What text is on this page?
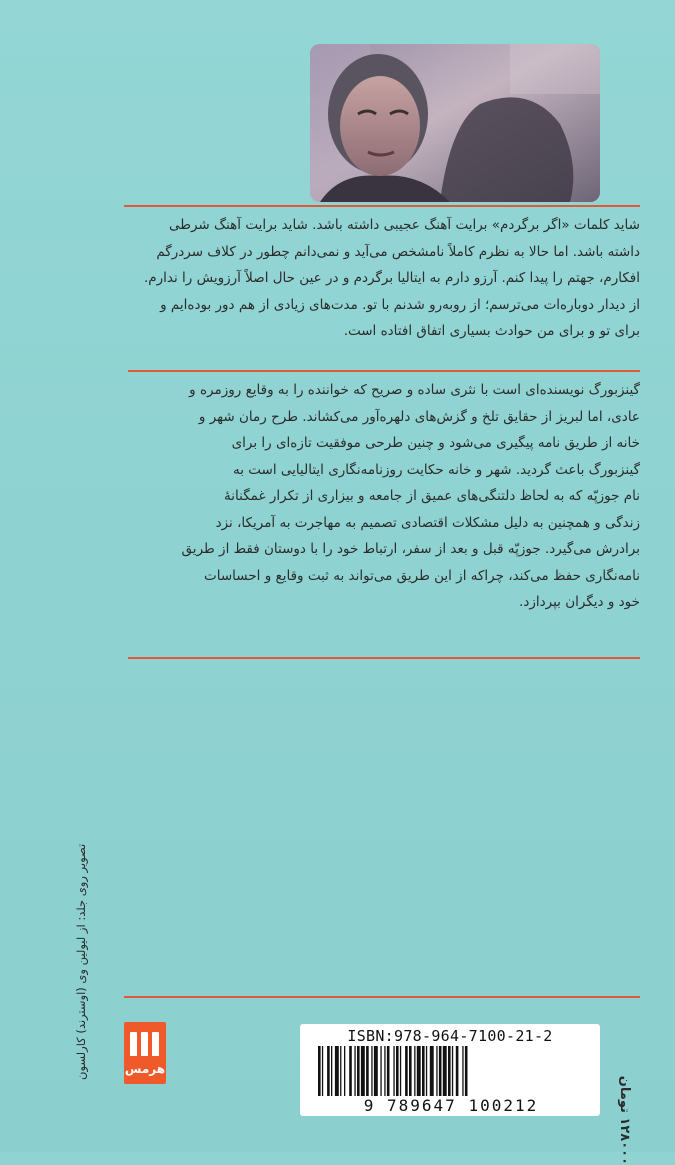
شاید کلمات «اگر برگردم» برایت آهنگ عجیبی داشته باشد. شاید برایت آهنگ شرطی
داشته باشد. اما حالا به نظرم کاملاً نامشخص می‌آید و نمی‌دانم چطور در کلاف سردرگم
افکارم، جهتم را پیدا کنم. آرزو دارم به ایتالیا برگردم و در عین حال اصلاً آرزویش را ندارم.
از دیدار دوباره‌ات می‌ترسم؛ از روبه‌رو شدنم با تو. مدت‌های زیادی از هم دور بوده‌ایم و
برای تو و برای من حوادث بسیاری اتفاق افتاده است.
گینزبورگ نویسنده‌ای است با نثری ساده و صریح که خواننده را به وقایع روزمره و
عادی، اما لبریز از حقایق تلخ و گزش‌های دلهره‌آور می‌کشاند. طرح رمان شهر و
خانه از طریق نامه پیگیری می‌شود و چنین طرحی موفقیت تازه‌ای را برای
گینزبورگ باعث گردید. شهر و خانه حکایت روزنامه‌نگاری ایتالیایی است به
نام جوزپّه که به لحاظ دلتنگی‌های عمیق از جامعه و بیزاری از تکرار غمگنانهٔ
زندگی و همچنین به دلیل مشکلات اقتصادی تصمیم به مهاجرت به آمریکا، نزد
برادرش می‌گیرد. جوزپّه قبل و بعد از سفر، ارتباط خود را با دوستان فقط از طریق
نامه‌نگاری حفظ می‌کند، چراکه از این طریق می‌تواند به ثبت وقایع و احساسات
خود و دیگران بپردازد.
تصویر روی جلد: از لیولین وی (اوسترند) کارلسون	هرمس
ISBN:978-964-7100-21-2
9 789647 100212	۱۲۸۰۰۰ تومان
